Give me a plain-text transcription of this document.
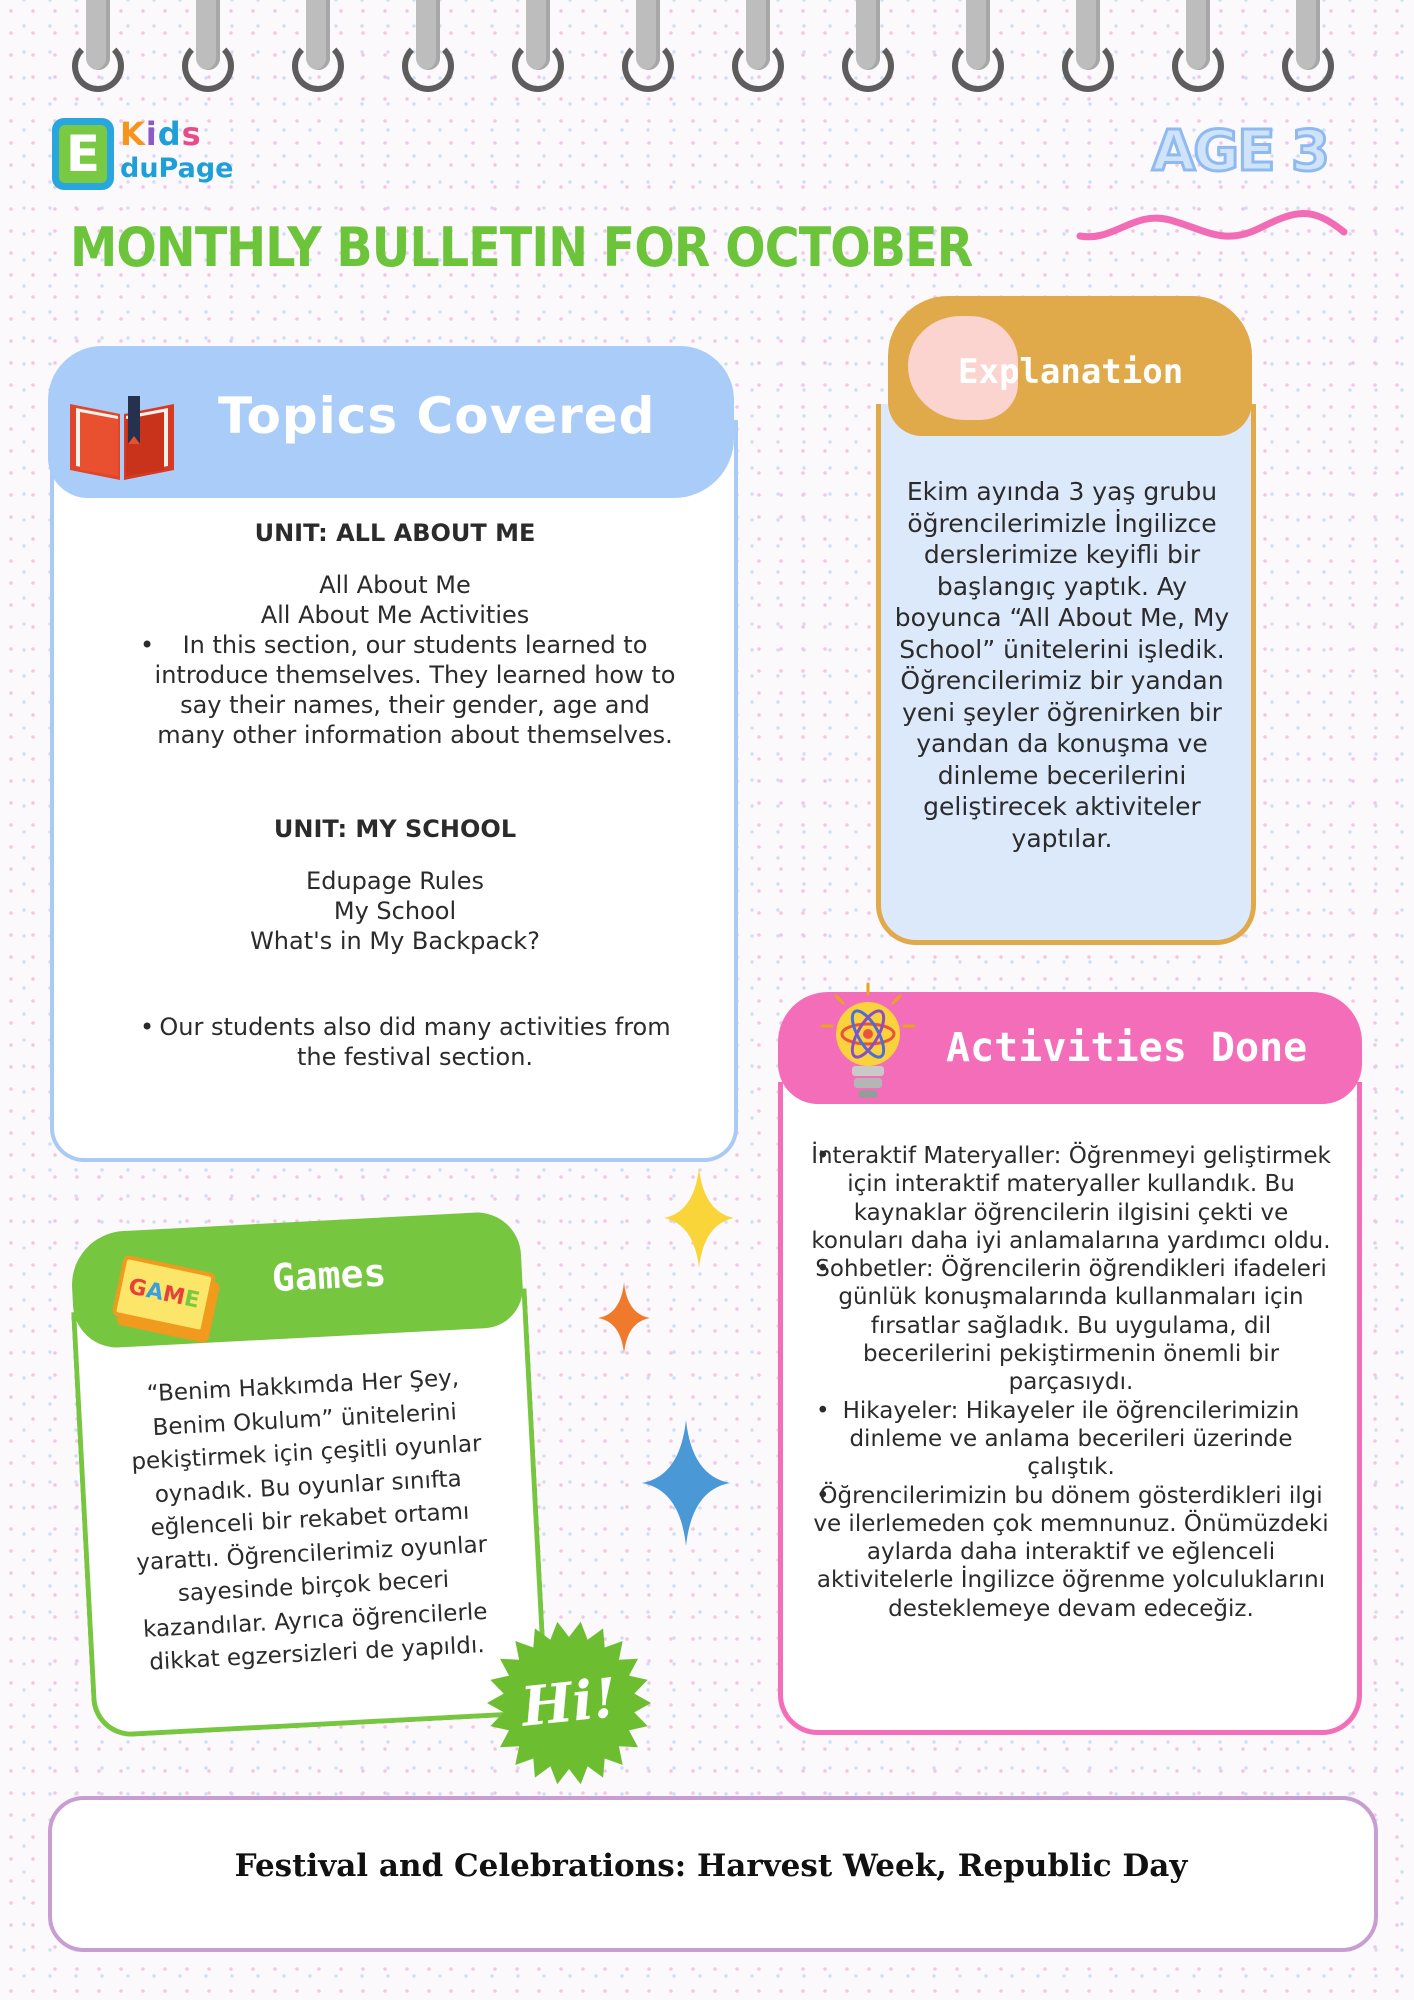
E Kids
duPage	AGE 3
MONTHLY BULLETIN FOR OCTOBER
Topics Covered
UNIT: ALL ABOUT ME
All About Me
All About Me Activities
• In this section, our students learned to introduce themselves. They learned how to say their names, their gender, age and many other information about themselves.
UNIT: MY SCHOOL
Edupage Rules
My School
What's in My Backpack?
• Our students also did many activities from the festival section.
Explanation
Ekim ayında 3 yaş grubu öğrencilerimizle İngilizce derslerimize keyifli bir başlangıç yaptık. Ay boyunca “All About Me, My School” ünitelerini işledik. Öğrencilerimiz bir yandan yeni şeyler öğrenirken bir yandan da konuşma ve dinleme becerilerini geliştirecek aktiviteler yaptılar.
Activities Done
• İnteraktif Materyaller: Öğrenmeyi geliştirmek için interaktif materyaller kullandık. Bu kaynaklar öğrencilerin ilgisini çekti ve konuları daha iyi anlamalarına yardımcı oldu.
• Sohbetler: Öğrencilerin öğrendikleri ifadeleri günlük konuşmalarında kullanmaları için fırsatlar sağladık. Bu uygulama, dil becerilerini pekiştirmenin önemli bir parçasıydı.
• Hikayeler: Hikayeler ile öğrencilerimizin dinleme ve anlama becerileri üzerinde çalıştık.
• Öğrencilerimizin bu dönem gösterdikleri ilgi ve ilerlemeden çok memnunuz. Önümüzdeki aylarda daha interaktif ve eğlenceli aktivitelerle İngilizce öğrenme yolculuklarını desteklemeye devam edeceğiz.
Games
GAME
“Benim Hakkımda Her Şey, Benim Okulum” ünitelerini pekiştirmek için çeşitli oyunlar oynadık. Bu oyunlar sınıfta eğlenceli bir rekabet ortamı yarattı. Öğrencilerimiz oyunlar sayesinde birçok beceri kazandılar. Ayrıca öğrencilerle dikkat egzersizleri de yapıldı.
Hi!
Festival and Celebrations: Harvest Week, Republic Day
